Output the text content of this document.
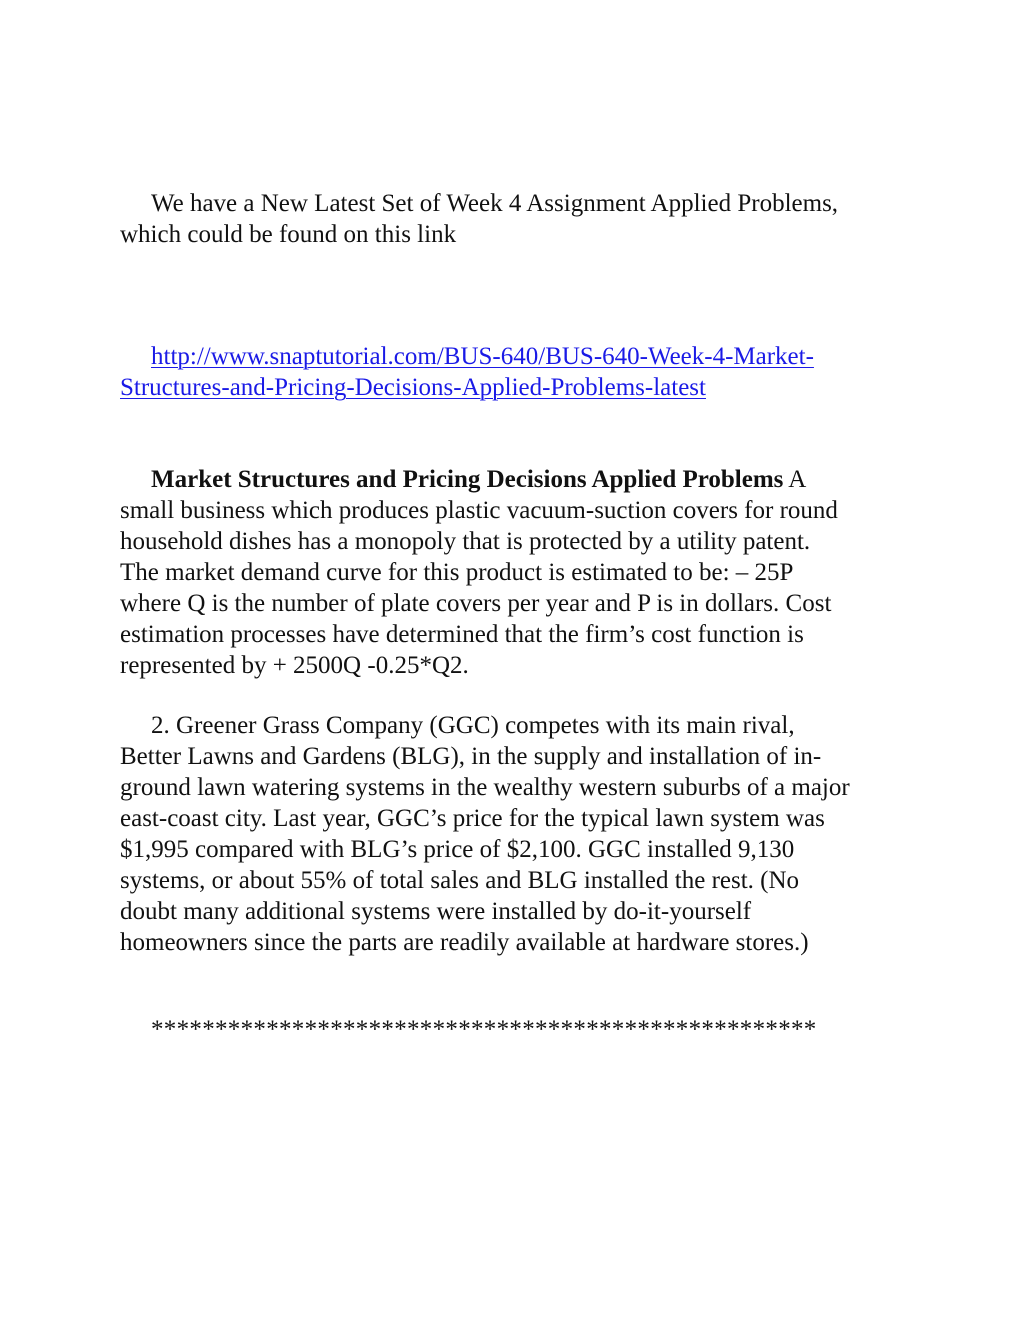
We have a New Latest Set of Week 4 Assignment Applied Problems,
which could be found on this link

http://www.snaptutorial.com/BUS-640/BUS-640-Week-4-Market-
Structures-and-Pricing-Decisions-Applied-Problems-latest

Market Structures and Pricing Decisions Applied Problems A
small business which produces plastic vacuum-suction covers for round
household dishes has a monopoly that is protected by a utility patent.
The market demand curve for this product is estimated to be: – 25P
where Q is the number of plate covers per year and P is in dollars. Cost
estimation processes have determined that the firm’s cost function is
represented by + 2500Q -0.25*Q2.

2. Greener Grass Company (GGC) competes with its main rival,
Better Lawns and Gardens (BLG), in the supply and installation of in-
ground lawn watering systems in the wealthy western suburbs of a major
east-coast city. Last year, GGC’s price for the typical lawn system was
$1,995 compared with BLG’s price of $2,100. GGC installed 9,130
systems, or about 55% of total sales and BLG installed the rest. (No
doubt many additional systems were installed by do-it-yourself
homeowners since the parts are readily available at hardware stores.)

****************************************************
